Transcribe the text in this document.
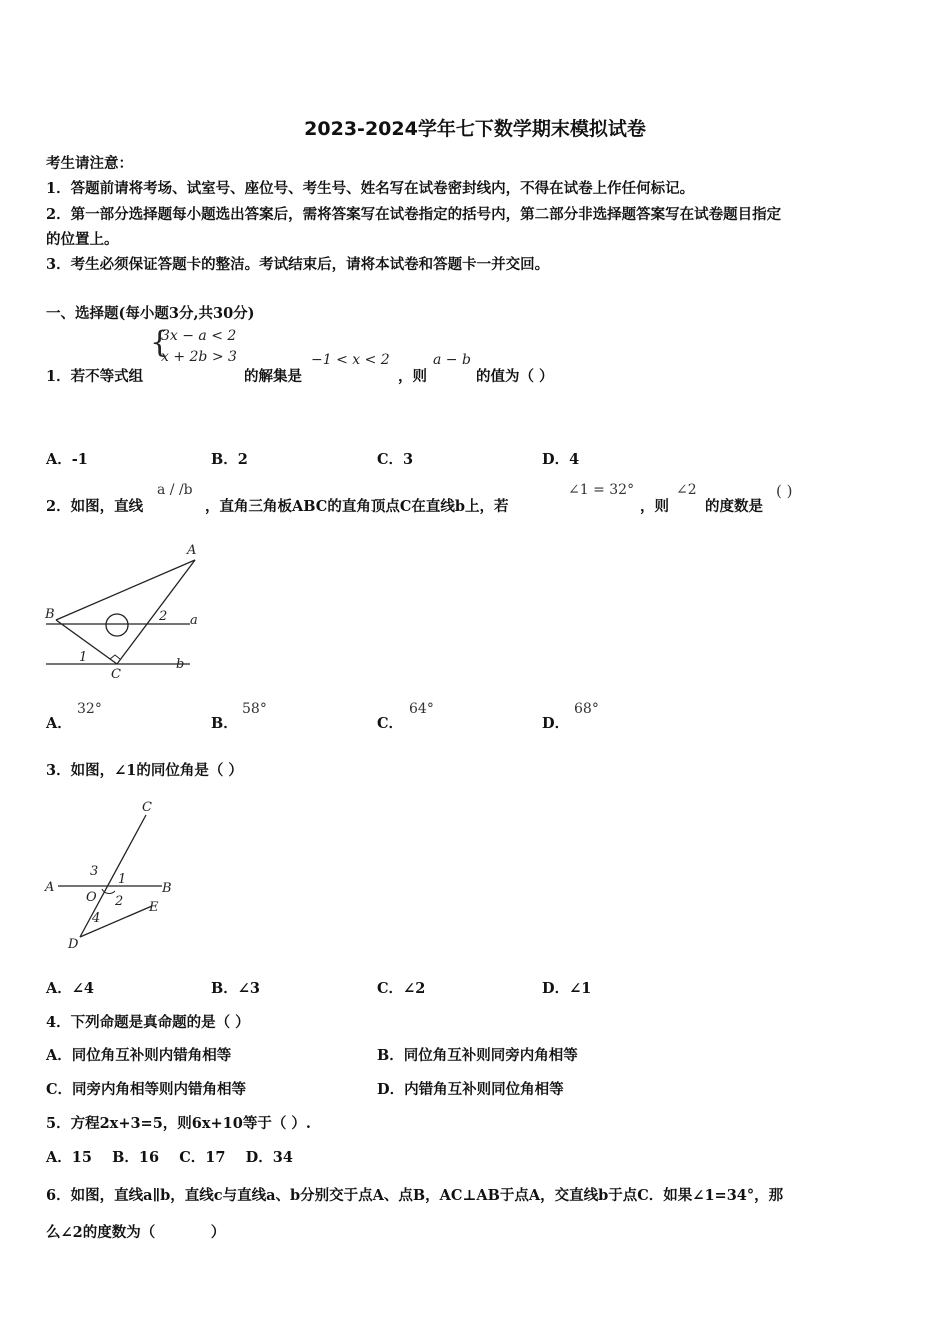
2023-2024学年七下数学期末模拟试卷
考生请注意：
1．答题前请将考场、试室号、座位号、考生号、姓名写在试卷密封线内，不得在试卷上作任何标记。
2．第一部分选择题每小题选出答案后，需将答案写在试卷指定的括号内，第二部分非选择题答案写在试卷题目指定
的位置上。
3．考生必须保证答题卡的整洁。考试结束后，请将本试卷和答题卡一并交回。
一、选择题(每小题3分,共30分)
1．若不等式组
{
3x − a < 2
x + 2b > 3
的解集是
−1 < x < 2
，则
a − b
的值为（ ）
A．-1	B．2	C．3	D．4
2．如图，直线
a / /b
，直角三角板ABC的直角顶点C在直线b上，若
∠1 = 32°
，则
∠2
的度数是
( )
A
B
C
a
b
1
2
A．
32°
B．
58°
C．
64°
D．
68°
3．如图，∠1的同位角是（ ）
C
A	B
D
E
O
1
2
3
4
A．∠4	B．∠3	C．∠2	D．∠1
4．下列命题是真命题的是（ ）
A．同位角互补则内错角相等	B．同位角互补则同旁内角相等
C．同旁内角相等则内错角相等	D．内错角互补则同位角相等
5．方程2x+3=5，则6x+10等于（ ）.
A．15    B．16    C．17    D．34
6．如图，直线a∥b，直线c与直线a、b分别交于点A、点B，AC⊥AB于点A，交直线b于点C．如果∠1=34°，那
么∠2的度数为（           ）
